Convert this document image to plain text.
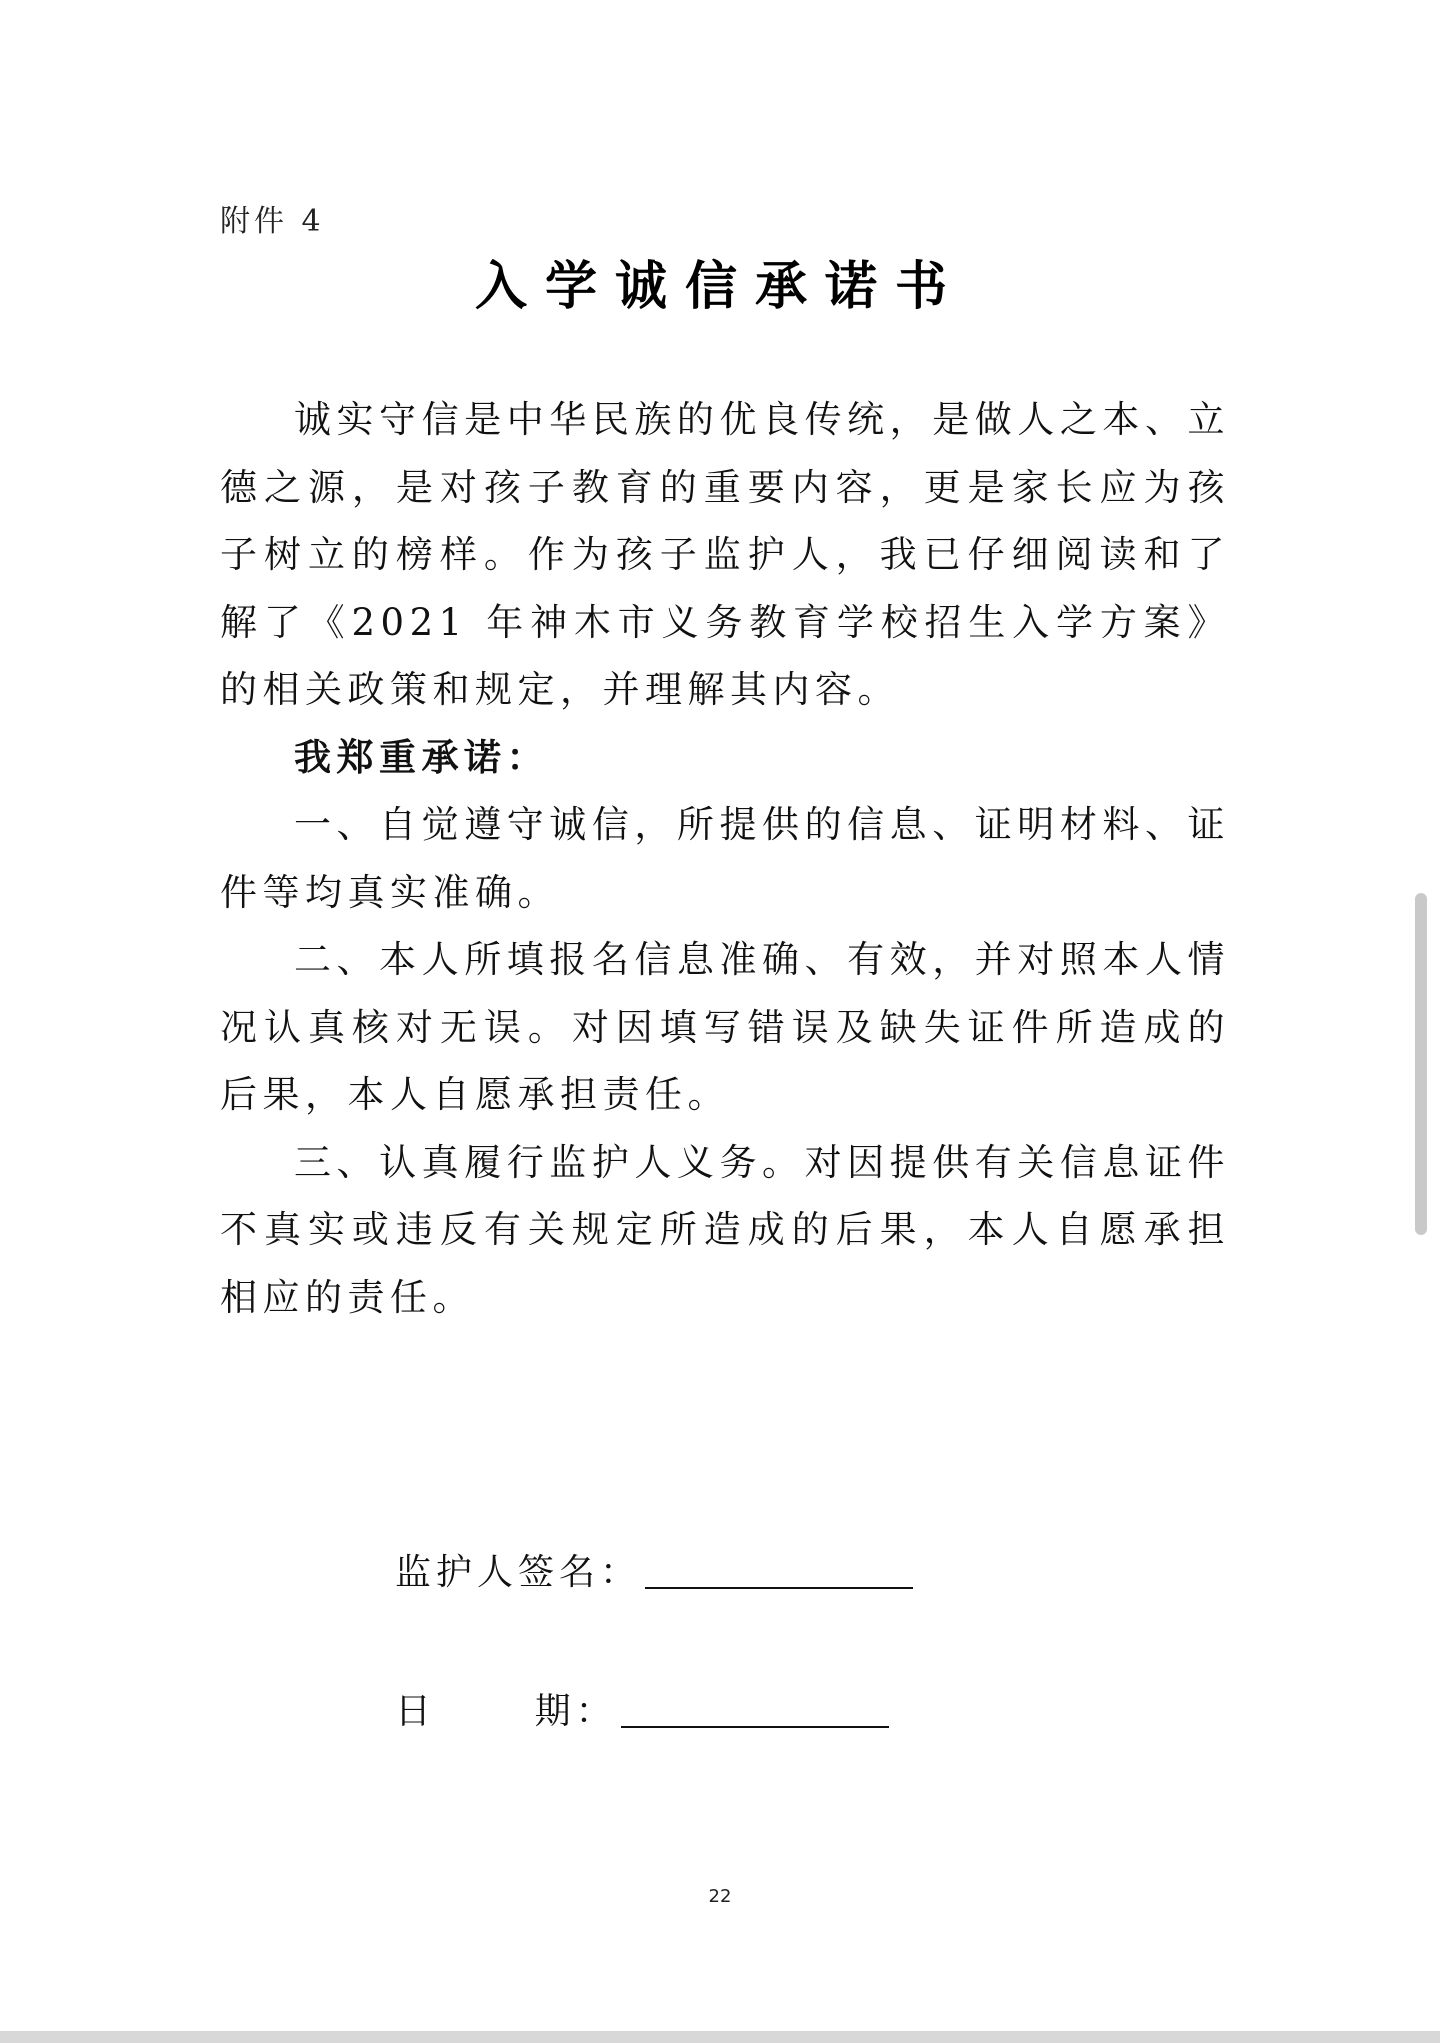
附件 4
入学诚信承诺书

诚实守信是中华民族的优良传统，是做人之本、立德之源，是对孩子教育的重要内容，更是家长应为孩子树立的榜样。作为孩子监护人，我已仔细阅读和了解了《2021 年神木市义务教育学校招生入学方案》的相关政策和规定，并理解其内容。

我郑重承诺：

一、自觉遵守诚信，所提供的信息、证明材料、证件等均真实准确。

二、本人所填报名信息准确、有效，并对照本人情况认真核对无误。对因填写错误及缺失证件所造成的后果，本人自愿承担责任。

三、认真履行监护人义务。对因提供有关信息证件不真实或违反有关规定所造成的后果，本人自愿承担相应的责任。

监护人签名：
日      期：
22
